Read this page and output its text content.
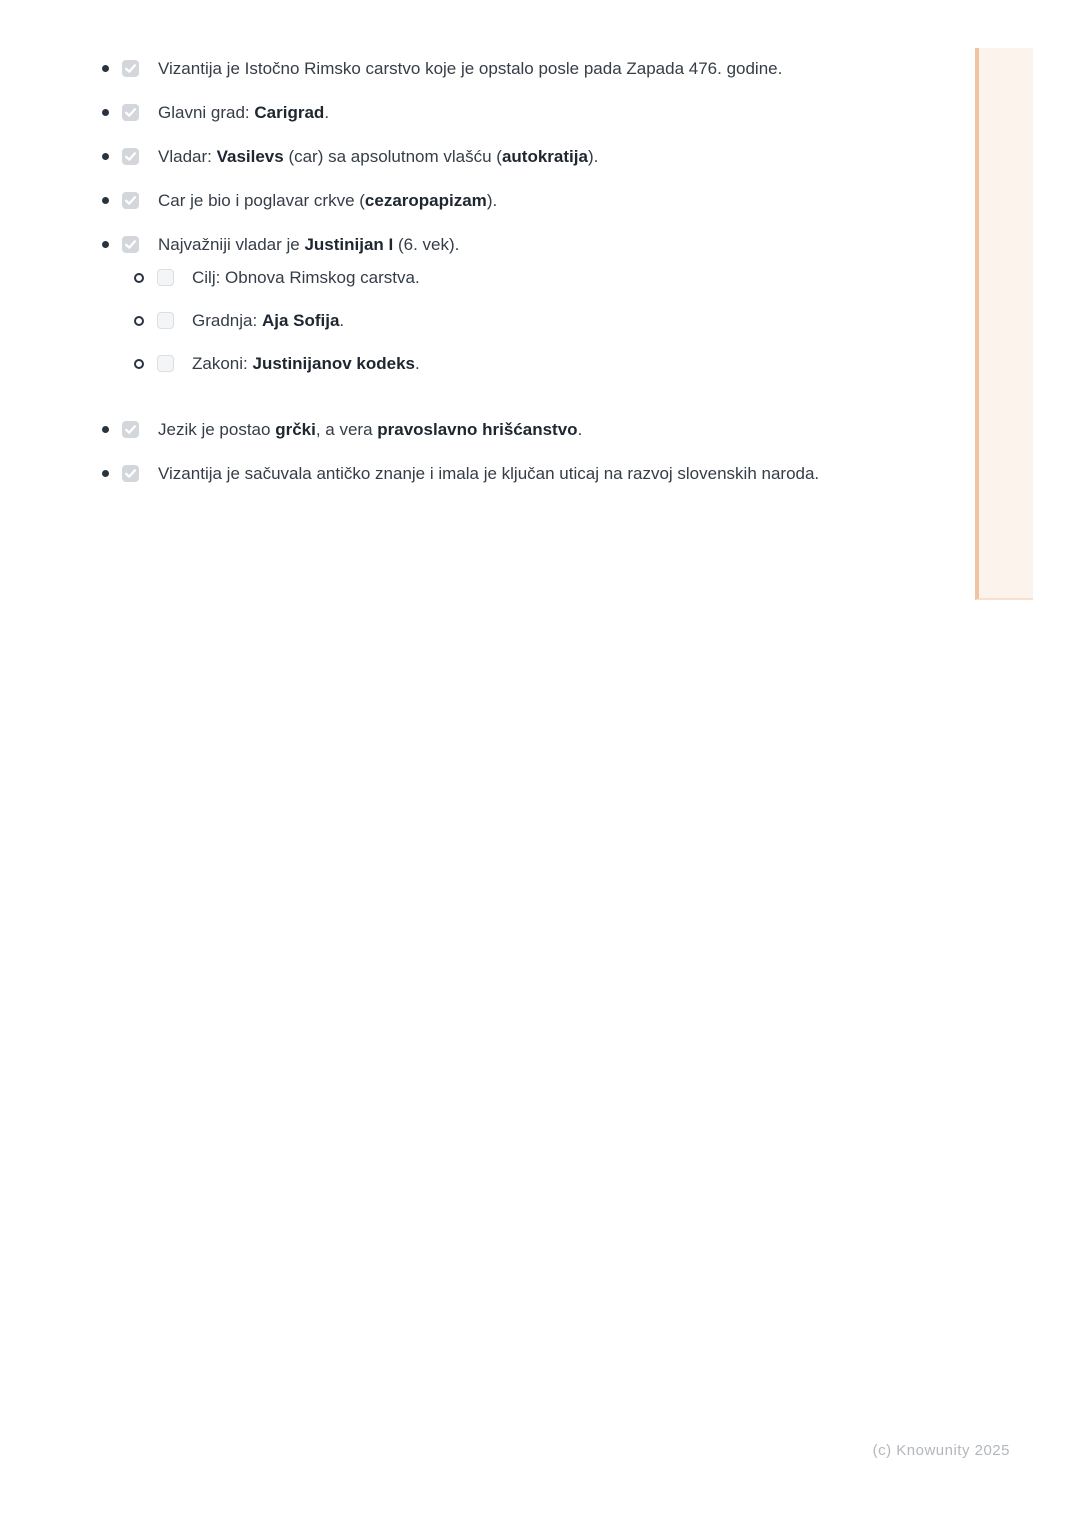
Vizantija je Istočno Rimsko carstvo koje je opstalo posle pada Zapada 476. godine.
Glavni grad: Carigrad.
Vladar: Vasilevs (car) sa apsolutnom vlašću (autokratija).
Car je bio i poglavar crkve (cezaropapizam).
Najvažniji vladar je Justinijan I (6. vek).
Cilj: Obnova Rimskog carstva.
Gradnja: Aja Sofija.
Zakoni: Justinijanov kodeks.
Jezik je postao grčki, a vera pravoslavno hrišćanstvo.
Vizantija je sačuvala antičko znanje i imala je ključan uticaj na razvoj slovenskih naroda.
(c) Knowunity 2025
